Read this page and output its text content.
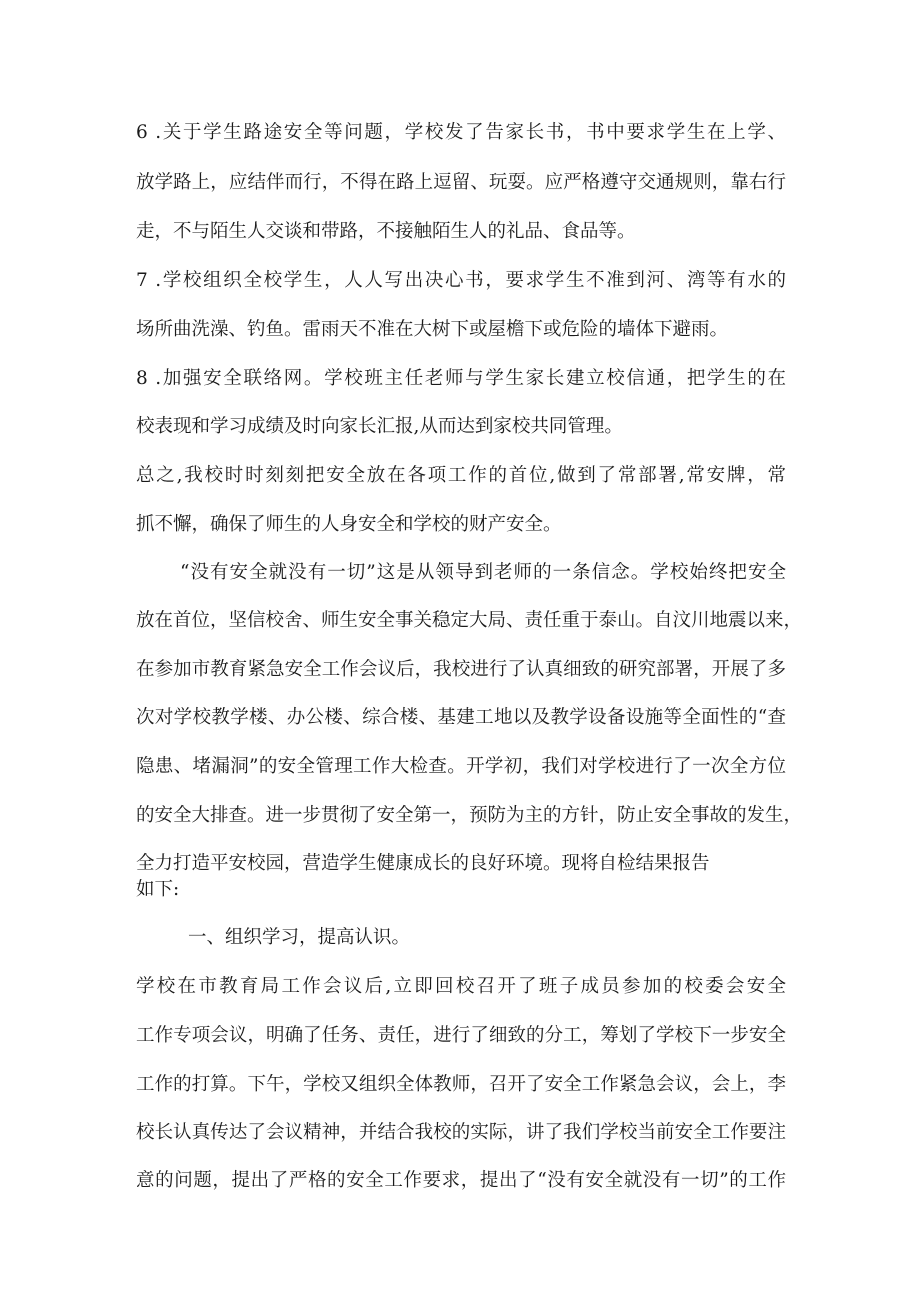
6 .关于学生路途安全等问题，学校发了告家长书，书中要求学生在上学、
放学路上，应结伴而行，不得在路上逗留、玩耍。应严格遵守交通规则，靠右行
走，不与陌生人交谈和带路，不接触陌生人的礼品、食品等。
7 .学校组织全校学生，人人写出决心书，要求学生不准到河、湾等有水的
场所曲洗澡、钓鱼。雷雨天不准在大树下或屋檐下或危险的墙体下避雨。
8 .加强安全联络网。学校班主任老师与学生家长建立校信通，把学生的在
校表现和学习成绩及时向家长汇报,从而达到家校共同管理。
总之,我校时时刻刻把安全放在各项工作的首位,做到了常部署,常安牌，常
抓不懈，确保了师生的人身安全和学校的财产安全。
“没有安全就没有一切”这是从领导到老师的一条信念。学校始终把安全
放在首位，坚信校舍、师生安全事关稳定大局、责任重于泰山。自汶川地震以来，
在参加市教育紧急安全工作会议后，我校进行了认真细致的研究部署，开展了多
次对学校教学楼、办公楼、综合楼、基建工地以及教学设备设施等全面性的“查
隐患、堵漏洞”的安全管理工作大检查。开学初，我们对学校进行了一次全方位
的安全大排查。进一步贯彻了安全第一，预防为主的方针，防止安全事故的发生，
全力打造平安校园，营造学生健康成长的良好环境。现将自检结果报告
如下:
一、组织学习，提高认识。
学校在市教育局工作会议后,立即回校召开了班子成员参加的校委会安全
工作专项会议，明确了任务、责任，进行了细致的分工，筹划了学校下一步安全
工作的打算。下午，学校又组织全体教师，召开了安全工作紧急会议，会上，李
校长认真传达了会议精神，并结合我校的实际，讲了我们学校当前安全工作要注
意的问题，提出了严格的安全工作要求，提出了“没有安全就没有一切”的工作
